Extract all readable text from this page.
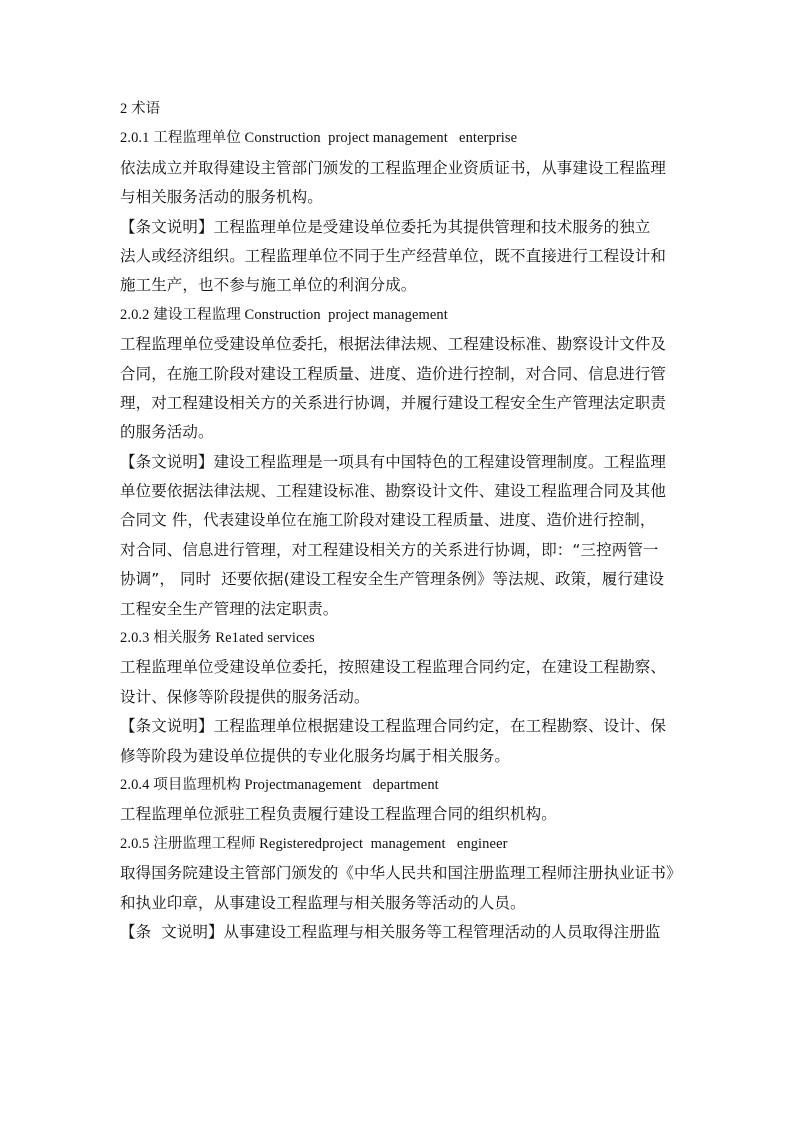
2 术语
2.0.1 工程监理单位 Construction  project management   enterprise
依法成立并取得建设主管部门颁发的工程监理企业资质证书，从事建设工程监理
与相关服务活动的服务机构。
【条文说明】工程监理单位是受建设单位委托为其提供管理和技术服务的独立
法人或经济组织。工程监理单位不同于生产经营单位，既不直接进行工程设计和
施工生产，也不参与施工单位的利润分成。
2.0.2 建设工程监理 Construction  project management
工程监理单位受建设单位委托，根据法律法规、工程建设标准、勘察设计文件及
合同，在施工阶段对建设工程质量、进度、造价进行控制，对合同、信息进行管
理，对工程建设相关方的关系进行协调，并履行建设工程安全生产管理法定职责
的服务活动。
【条文说明】建设工程监理是一项具有中国特色的工程建设管理制度。工程监理
单位要依据法律法规、工程建设标准、勘察设计文件、建设工程监理合同及其他
合同文 件，代表建设单位在施工阶段对建设工程质量、进度、造价进行控制，
对合同、信息进行管理，对工程建设相关方的关系进行协调，即：“三控两管一
协调”， 同时  还要依据(建设工程安全生产管理条例》等法规、政策，履行建设
工程安全生产管理的法定职责。
2.0.3 相关服务 Re1ated services
工程监理单位受建设单位委托，按照建设工程监理合同约定，在建设工程勘察、
设计、保修等阶段提供的服务活动。
【条文说明】工程监理单位根据建设工程监理合同约定，在工程勘察、设计、保
修等阶段为建设单位提供的专业化服务均属于相关服务。
2.0.4 项目监理机构 Projectmanagement   department
工程监理单位派驻工程负责履行建设工程监理合同的组织机构。
2.0.5 注册监理工程师 Registeredproject  management   engineer
取得国务院建设主管部门颁发的《中华人民共和国注册监理工程师注册执业证书》
和执业印章，从事建设工程监理与相关服务等活动的人员。
【条  文说明】从事建设工程监理与相关服务等工程管理活动的人员取得注册监
